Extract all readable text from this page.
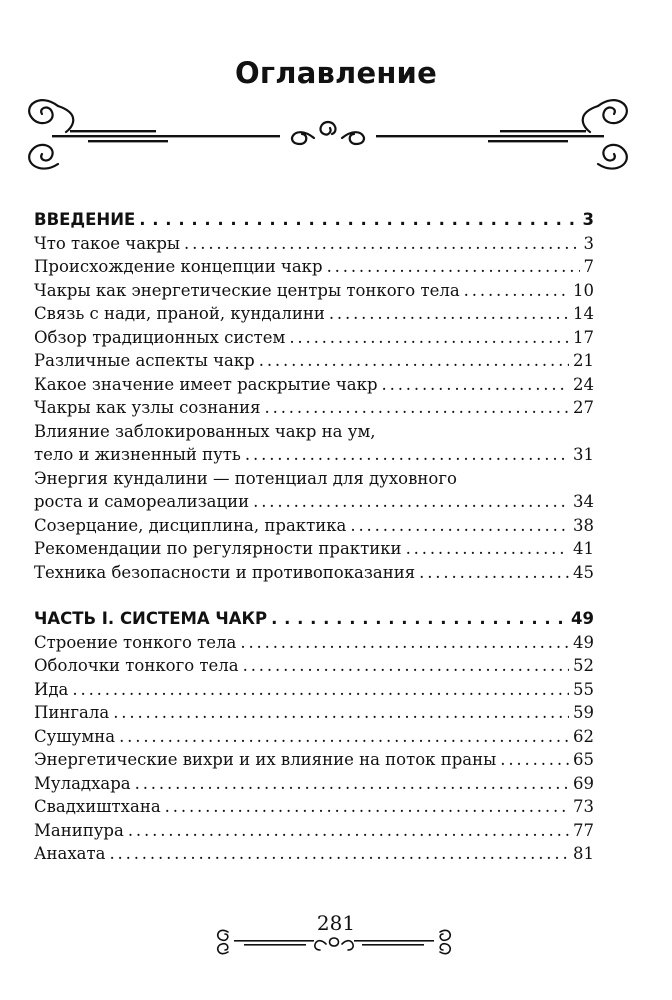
Оглавление
ВВЕДЕНИЕ . . .	3
Что такое чакры . . .	3
Происхождение концепции чакр . . .	7
Чакры как энергетические центры тонкого тела . . .	10
Связь с нади, праной, кундалини . . .	14
Обзор традиционных систем . . .	17
Различные аспекты чакр . . .	21
Какое значение имеет раскрытие чакр . . .	24
Чакры как узлы сознания . . .	27
Влияние заблокированных чакр на ум,
тело и жизненный путь . . .	31
Энергия кундалини — потенциал для духовного
роста и самореализации . . .	34
Созерцание, дисциплина, практика . . .	38
Рекомендации по регулярности практики . . .	41
Техника безопасности и противопоказания . . .	45
ЧАСТЬ I. СИСТЕМА ЧАКР . . .	49
Строение тонкого тела . . .	49
Оболочки тонкого тела . . .	52
Ида . . .	55
Пингала . . .	59
Сушумна . . .	62
Энергетические вихри и их влияние на поток праны . . .	65
Муладхара . . .	69
Свадхиштхана . . .	73
Манипура . . .	77
Анахата . . .	81
281
